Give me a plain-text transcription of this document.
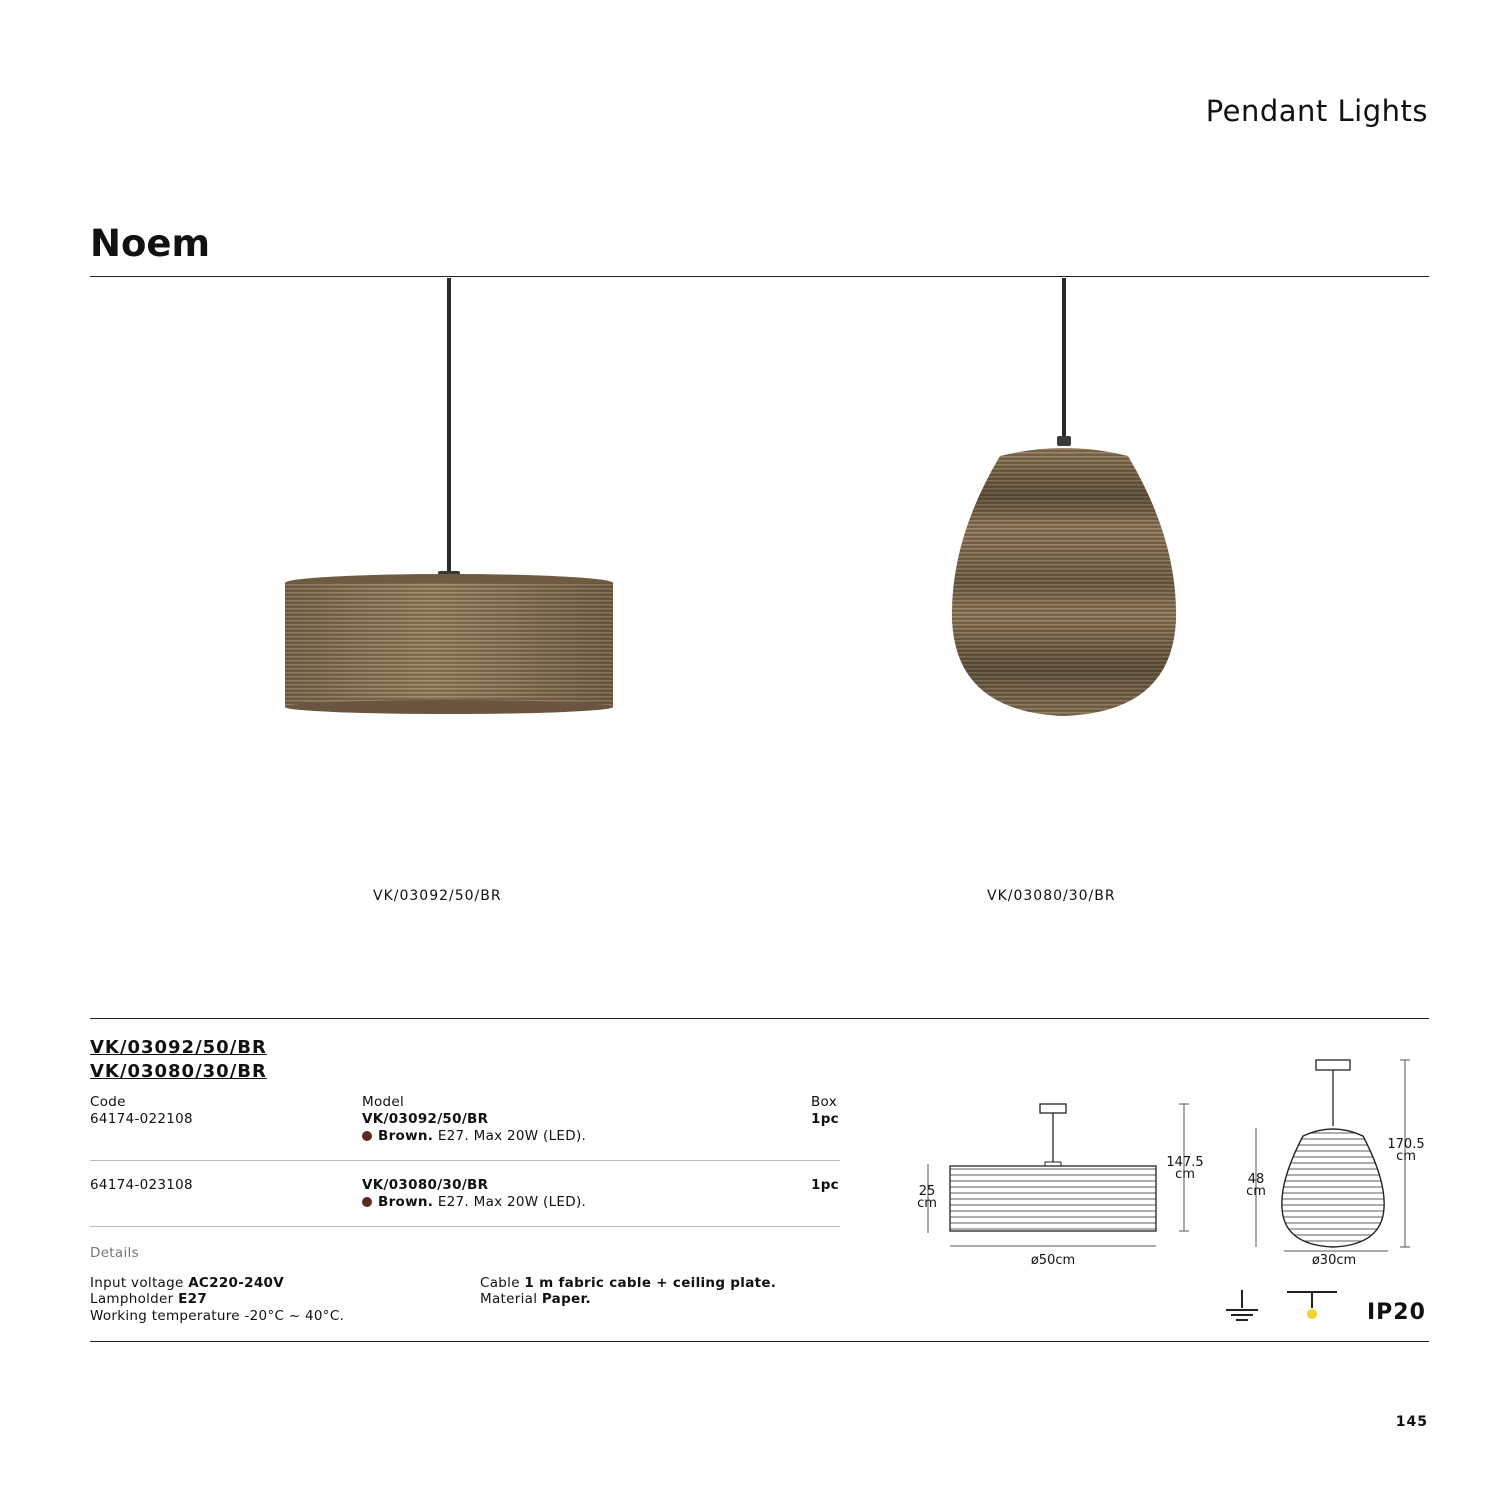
Pendant Lights
Noem
VK/03092/50/BR	VK/03080/30/BR
VK/03092/50/BR
VK/03080/30/BR
Code	Model	Box
64174-022108	VK/03092/50/BR
Brown. E27. Max 20W (LED).
1pc
64174-023108	VK/03080/30/BR
Brown. E27. Max 20W (LED).
1pc
Details
Input voltage AC220-240V
Lampholder E27
Working temperature -20°C ~ 40°C.
Cable 1 m fabric cable + ceiling plate.
Material Paper.
147.5
cm
25
cm
ø50cm
170.5
cm
48
cm
ø30cm
IP20
145
